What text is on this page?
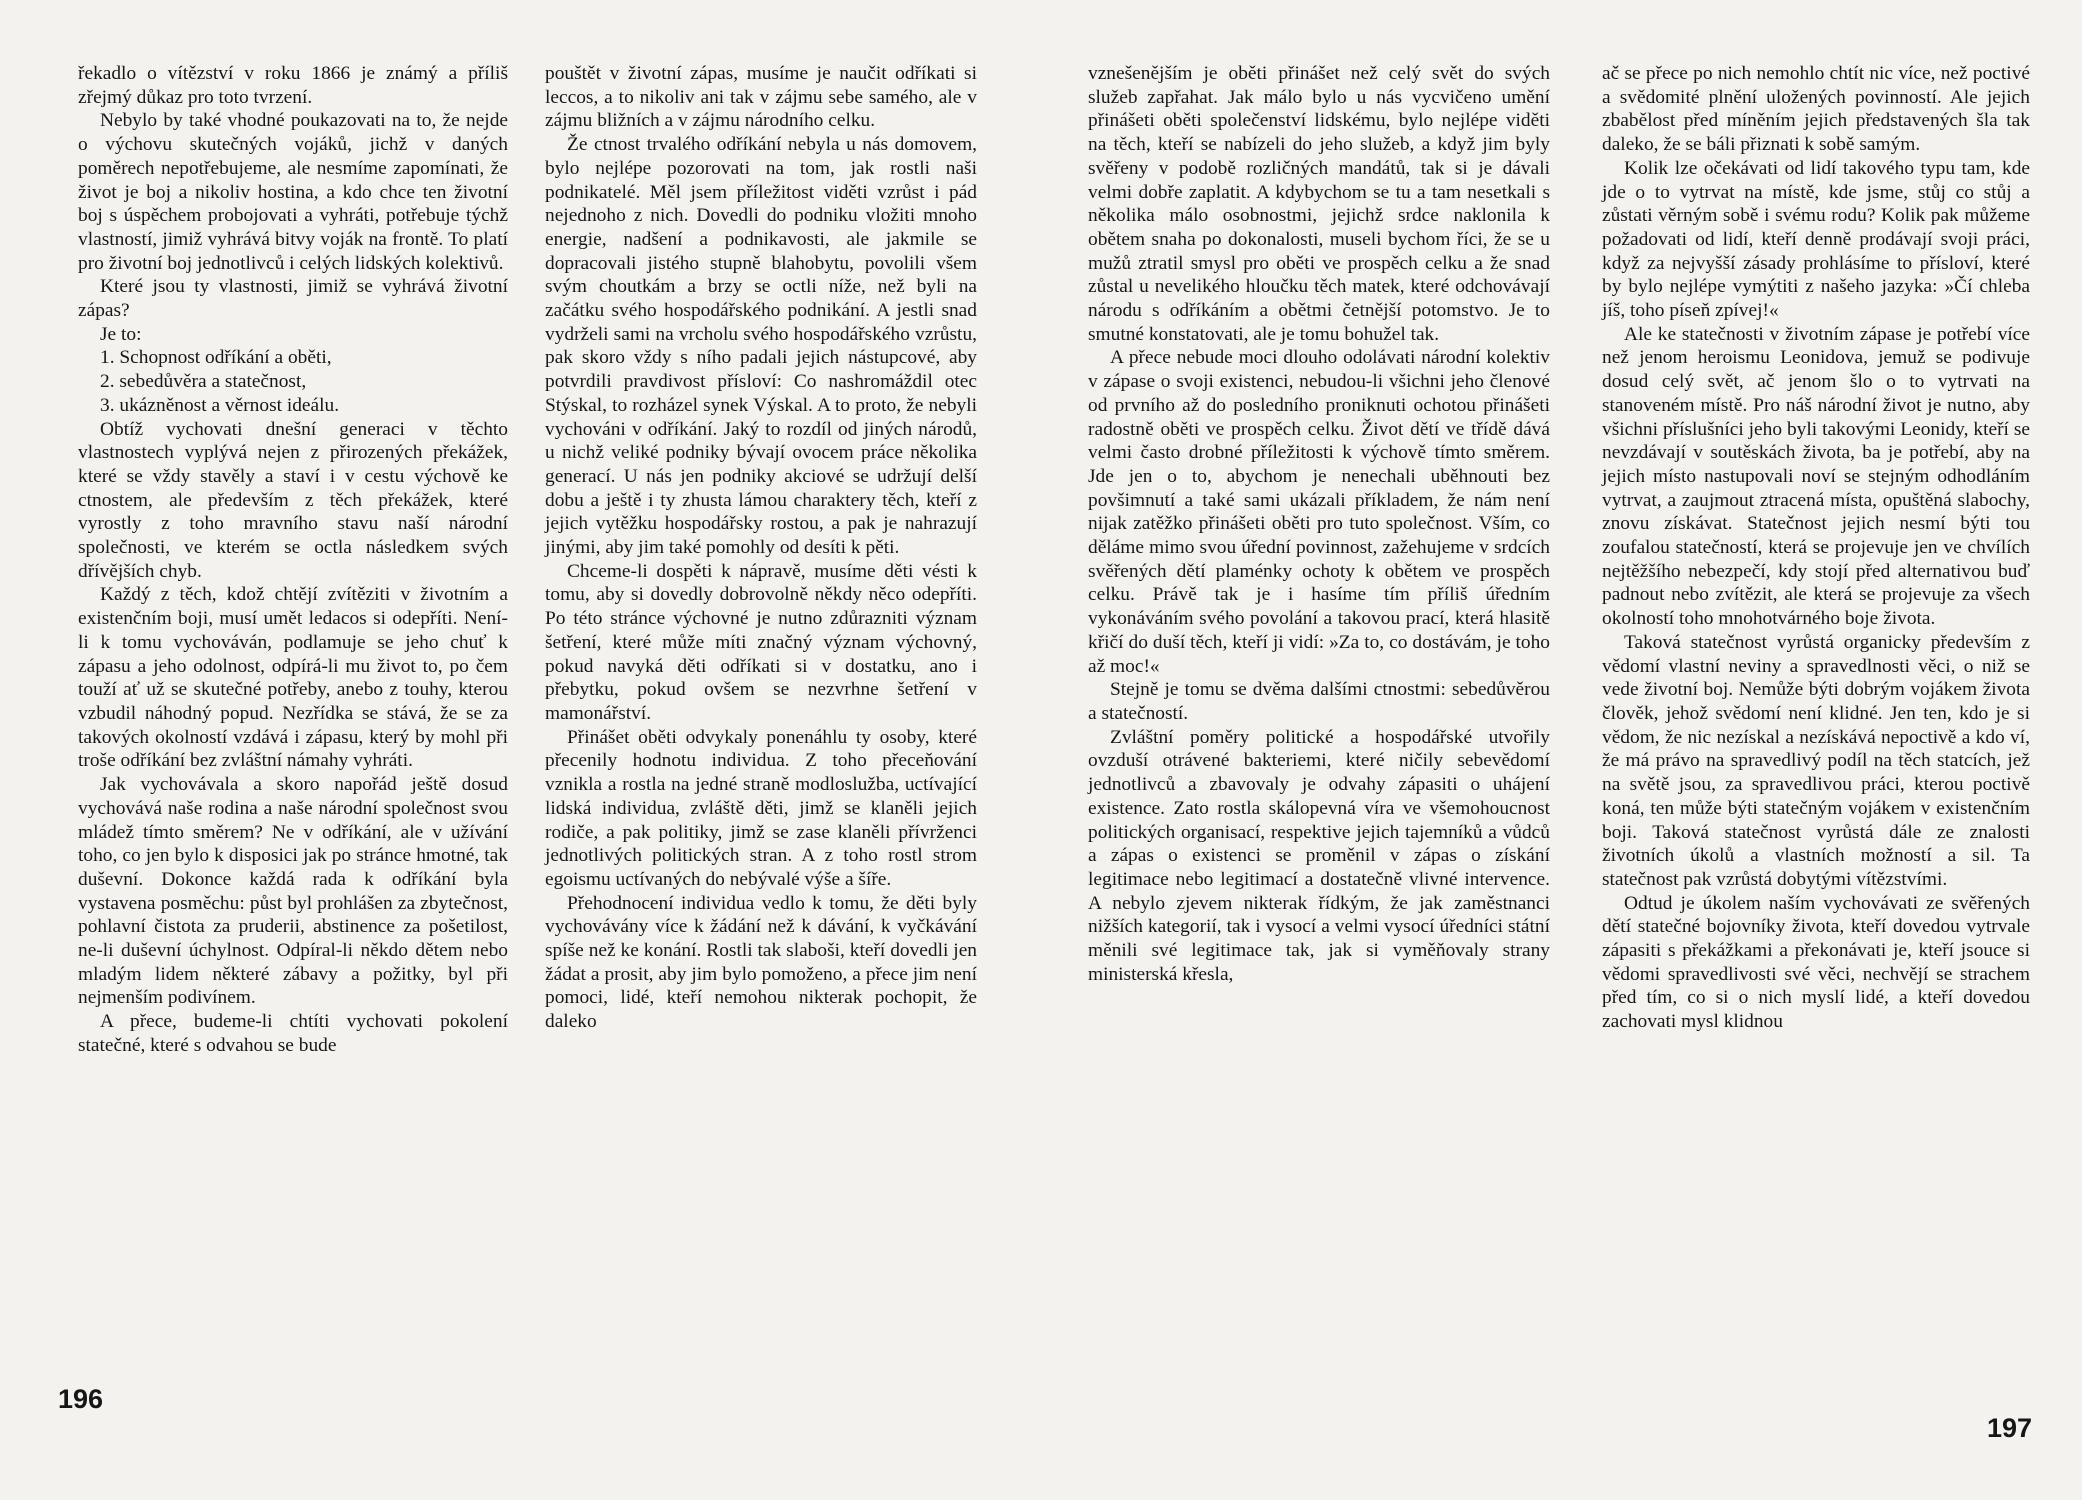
řekadlo o vítězství v roku 1866 je známý a příliš zřejmý důkaz pro toto tvrzení.

Nebylo by také vhodné poukazovati na to, že nejde o výchovu skutečných vojáků, jichž v daných poměrech nepotřebujeme, ale nesmíme zapomínati, že život je boj a nikoliv hostina, a kdo chce ten životní boj s úspěchem probojovati a vyhráti, potřebuje týchž vlastností, jimiž vyhrává bitvy voják na frontě. To platí pro životní boj jednotlivců i celých lidských kolektivů.

Které jsou ty vlastnosti, jimiž se vyhrává životní zápas?

Je to:

1. Schopnost odříkání a oběti,

2. sebedůvěra a statečnost,

3. ukázněnost a věrnost ideálu.

Obtíž vychovati dnešní generaci v těchto vlastnostech vyplývá nejen z přirozených překážek, které se vždy stavěly a staví i v cestu výchově ke ctnostem, ale především z těch překážek, které vyrostly z toho mravního stavu naší národní společnosti, ve kterém se octla následkem svých dřívějších chyb.

Každý z těch, kdož chtějí zvítěziti v životním a existenčním boji, musí umět ledacos si odepříti. Není-li k tomu vychováván, podlamuje se jeho chuť k zápasu a jeho odolnost, odpírá-li mu život to, po čem touží ať už se skutečné potřeby, anebo z touhy, kterou vzbudil náhodný popud. Nezřídka se stává, že se za takových okolností vzdává i zápasu, který by mohl při troše odříkání bez zvláštní námahy vyhráti.

Jak vychovávala a skoro napořád ještě dosud vychovává naše rodina a naše národní společnost svou mládež tímto směrem? Ne v odříkání, ale v užívání toho, co jen bylo k disposici jak po stránce hmotné, tak duševní. Dokonce každá rada k odříkání byla vystavena posměchu: půst byl prohlášen za zbytečnost, pohlavní čistota za pruderii, abstinence za pošetilost, ne-li duševní úchylnost. Odpíral-li někdo dětem nebo mladým lidem některé zábavy a požitky, byl při nejmenším podivínem.

A přece, budeme-li chtíti vychovati pokolení statečné, které s odvahou se bude

pouštět v životní zápas, musíme je naučit odříkati si leccos, a to nikoliv ani tak v zájmu sebe samého, ale v zájmu bližních a v zájmu národního celku.

Že ctnost trvalého odříkání nebyla u nás domovem, bylo nejlépe pozorovati na tom, jak rostli naši podnikatelé. Měl jsem příležitost viděti vzrůst i pád nejednoho z nich. Dovedli do podniku vložiti mnoho energie, nadšení a podnikavosti, ale jakmile se dopracovali jistého stupně blahobytu, povolili všem svým choutkám a brzy se octli níže, než byli na začátku svého hospodářského podnikání. A jestli snad vydrželi sami na vrcholu svého hospodářského vzrůstu, pak skoro vždy s ního padali jejich nástupcové, aby potvrdili pravdivost přísloví: Co nashromáždil otec Stýskal, to rozházel synek Výskal. A to proto, že nebyli vychováni v odříkání. Jaký to rozdíl od jiných národů, u nichž veliké podniky bývají ovocem práce několika generací. U nás jen podniky akciové se udržují delší dobu a ještě i ty zhusta lámou charaktery těch, kteří z jejich vytěžku hospodářsky rostou, a pak je nahrazují jinými, aby jim také pomohly od desíti k pěti.

Chceme-li dospěti k nápravě, musíme děti vésti k tomu, aby si dovedly dobrovolně někdy něco odepříti. Po této stránce výchovné je nutno zdůrazniti význam šetření, které může míti značný význam výchovný, pokud navyká děti odříkati si v dostatku, ano i přebytku, pokud ovšem se nezvrhne šetření v mamonářství.

Přinášet oběti odvykaly ponenáhlu ty osoby, které přecenily hodnotu individua. Z toho přeceňování vznikla a rostla na jedné straně modloslužba, uctívající lidská individua, zvláště děti, jimž se klaněli jejich rodiče, a pak politiky, jimž se zase klaněli přívrženci jednotlivých politických stran. A z toho rostl strom egoismu uctívaných do nebývalé výše a šíře.

Přehodnocení individua vedlo k tomu, že děti byly vychovávány více k žádání než k dávání, k vyčkávání spíše než ke konání. Rostli tak slaboši, kteří dovedli jen žádat a prosit, aby jim bylo pomoženo, a přece jim není pomoci, lidé, kteří nemohou nikterak pochopit, že daleko

196

vznešenějším je oběti přinášet než celý svět do svých služeb zapřahat. Jak málo bylo u nás vycvičeno umění přinášeti oběti společenství lidskému, bylo nejlépe viděti na těch, kteří se nabízeli do jeho služeb, a když jim byly svěřeny v podobě rozličných mandátů, tak si je dávali velmi dobře zaplatit. A kdybychom se tu a tam nesetkali s několika málo osobnostmi, jejichž srdce naklonila k obětem snaha po dokonalosti, museli bychom říci, že se u mužů ztratil smysl pro oběti ve prospěch celku a že snad zůstal u nevelikého hloučku těch matek, které odchovávají národu s odříkáním a obětmi četnější potomstvo. Je to smutné konstatovati, ale je tomu bohužel tak.

A přece nebude moci dlouho odolávati národní kolektiv v zápase o svoji existenci, nebudou-li všichni jeho členové od prvního až do posledního proniknuti ochotou přinášeti radostně oběti ve prospěch celku. Život dětí ve třídě dává velmi často drobné příležitosti k výchově tímto směrem. Jde jen o to, abychom je nenechali uběhnouti bez povšimnutí a také sami ukázali příkladem, že nám není nijak zatěžko přinášeti oběti pro tuto společnost. Vším, co děláme mimo svou úřední povinnost, zažehujeme v srdcích svěřených dětí plaménky ochoty k obětem ve prospěch celku. Právě tak je i hasíme tím příliš úředním vykonáváním svého povolání a takovou prací, která hlasitě křičí do duší těch, kteří ji vidí: »Za to, co dostávám, je toho až moc!«

Stejně je tomu se dvěma dalšími ctnostmi: sebedůvěrou a statečností.

Zvláštní poměry politické a hospodářské utvořily ovzduší otrávené bakteriemi, které ničily sebevědomí jednotlivců a zbavovaly je odvahy zápasiti o uhájení existence. Zato rostla skálopevná víra ve všemohoucnost politických organisací, respektive jejich tajemníků a vůdců a zápas o existenci se proměnil v zápas o získání legitimace nebo legitimací a dostatečně vlivné intervence. A nebylo zjevem nikterak řídkým, že jak zaměstnanci nižších kategorií, tak i vysocí a velmi vysocí úředníci státní měnili své legitimace tak, jak si vyměňovaly strany ministerská křesla,

ač se přece po nich nemohlo chtít nic více, než poctivé a svědomité plnění uložených povinností. Ale jejich zbabělost před míněním jejich představených šla tak daleko, že se báli přiznati k sobě samým.

Kolik lze očekávati od lidí takového typu tam, kde jde o to vytrvat na místě, kde jsme, stůj co stůj a zůstati věrným sobě i svému rodu? Kolik pak můžeme požadovati od lidí, kteří denně prodávají svoji práci, když za nejvyšší zásady prohlásíme to přísloví, které by bylo nejlépe vymýtiti z našeho jazyka: »Čí chleba jíš, toho píseň zpívej!«

Ale ke statečnosti v životním zápase je potřebí více než jenom heroismu Leonidova, jemuž se podivuje dosud celý svět, ač jenom šlo o to vytrvati na stanoveném místě. Pro náš národní život je nutno, aby všichni příslušníci jeho byli takovými Leonidy, kteří se nevzdávají v soutěskách života, ba je potřebí, aby na jejich místo nastupovali noví se stejným odhodláním vytrvat, a zaujmout ztracená místa, opuštěná slabochy, znovu získávat. Statečnost jejich nesmí býti tou zoufalou statečností, která se projevuje jen ve chvílích nejtěžšího nebezpečí, kdy stojí před alternativou buď padnout nebo zvítězit, ale která se projevuje za všech okolností toho mnohotvárného boje života.

Taková statečnost vyrůstá organicky především z vědomí vlastní neviny a spravedlnosti věci, o niž se vede životní boj. Nemůže býti dobrým vojákem života člověk, jehož svědomí není klidné. Jen ten, kdo je si vědom, že nic nezískal a nezískává nepoctivě a kdo ví, že má právo na spravedlivý podíl na těch statcích, jež na světě jsou, za spravedlivou práci, kterou poctivě koná, ten může býti statečným vojákem v existenčním boji. Taková statečnost vyrůstá dále ze znalosti životních úkolů a vlastních možností a sil. Ta statečnost pak vzrůstá dobytými vítězstvími.

Odtud je úkolem naším vychovávati ze svěřených dětí statečné bojovníky života, kteří dovedou vytrvale zápasiti s překážkami a překonávati je, kteří jsouce si vědomi spravedlivosti své věci, nechvějí se strachem před tím, co si o nich myslí lidé, a kteří dovedou zachovati mysl klidnou

197
